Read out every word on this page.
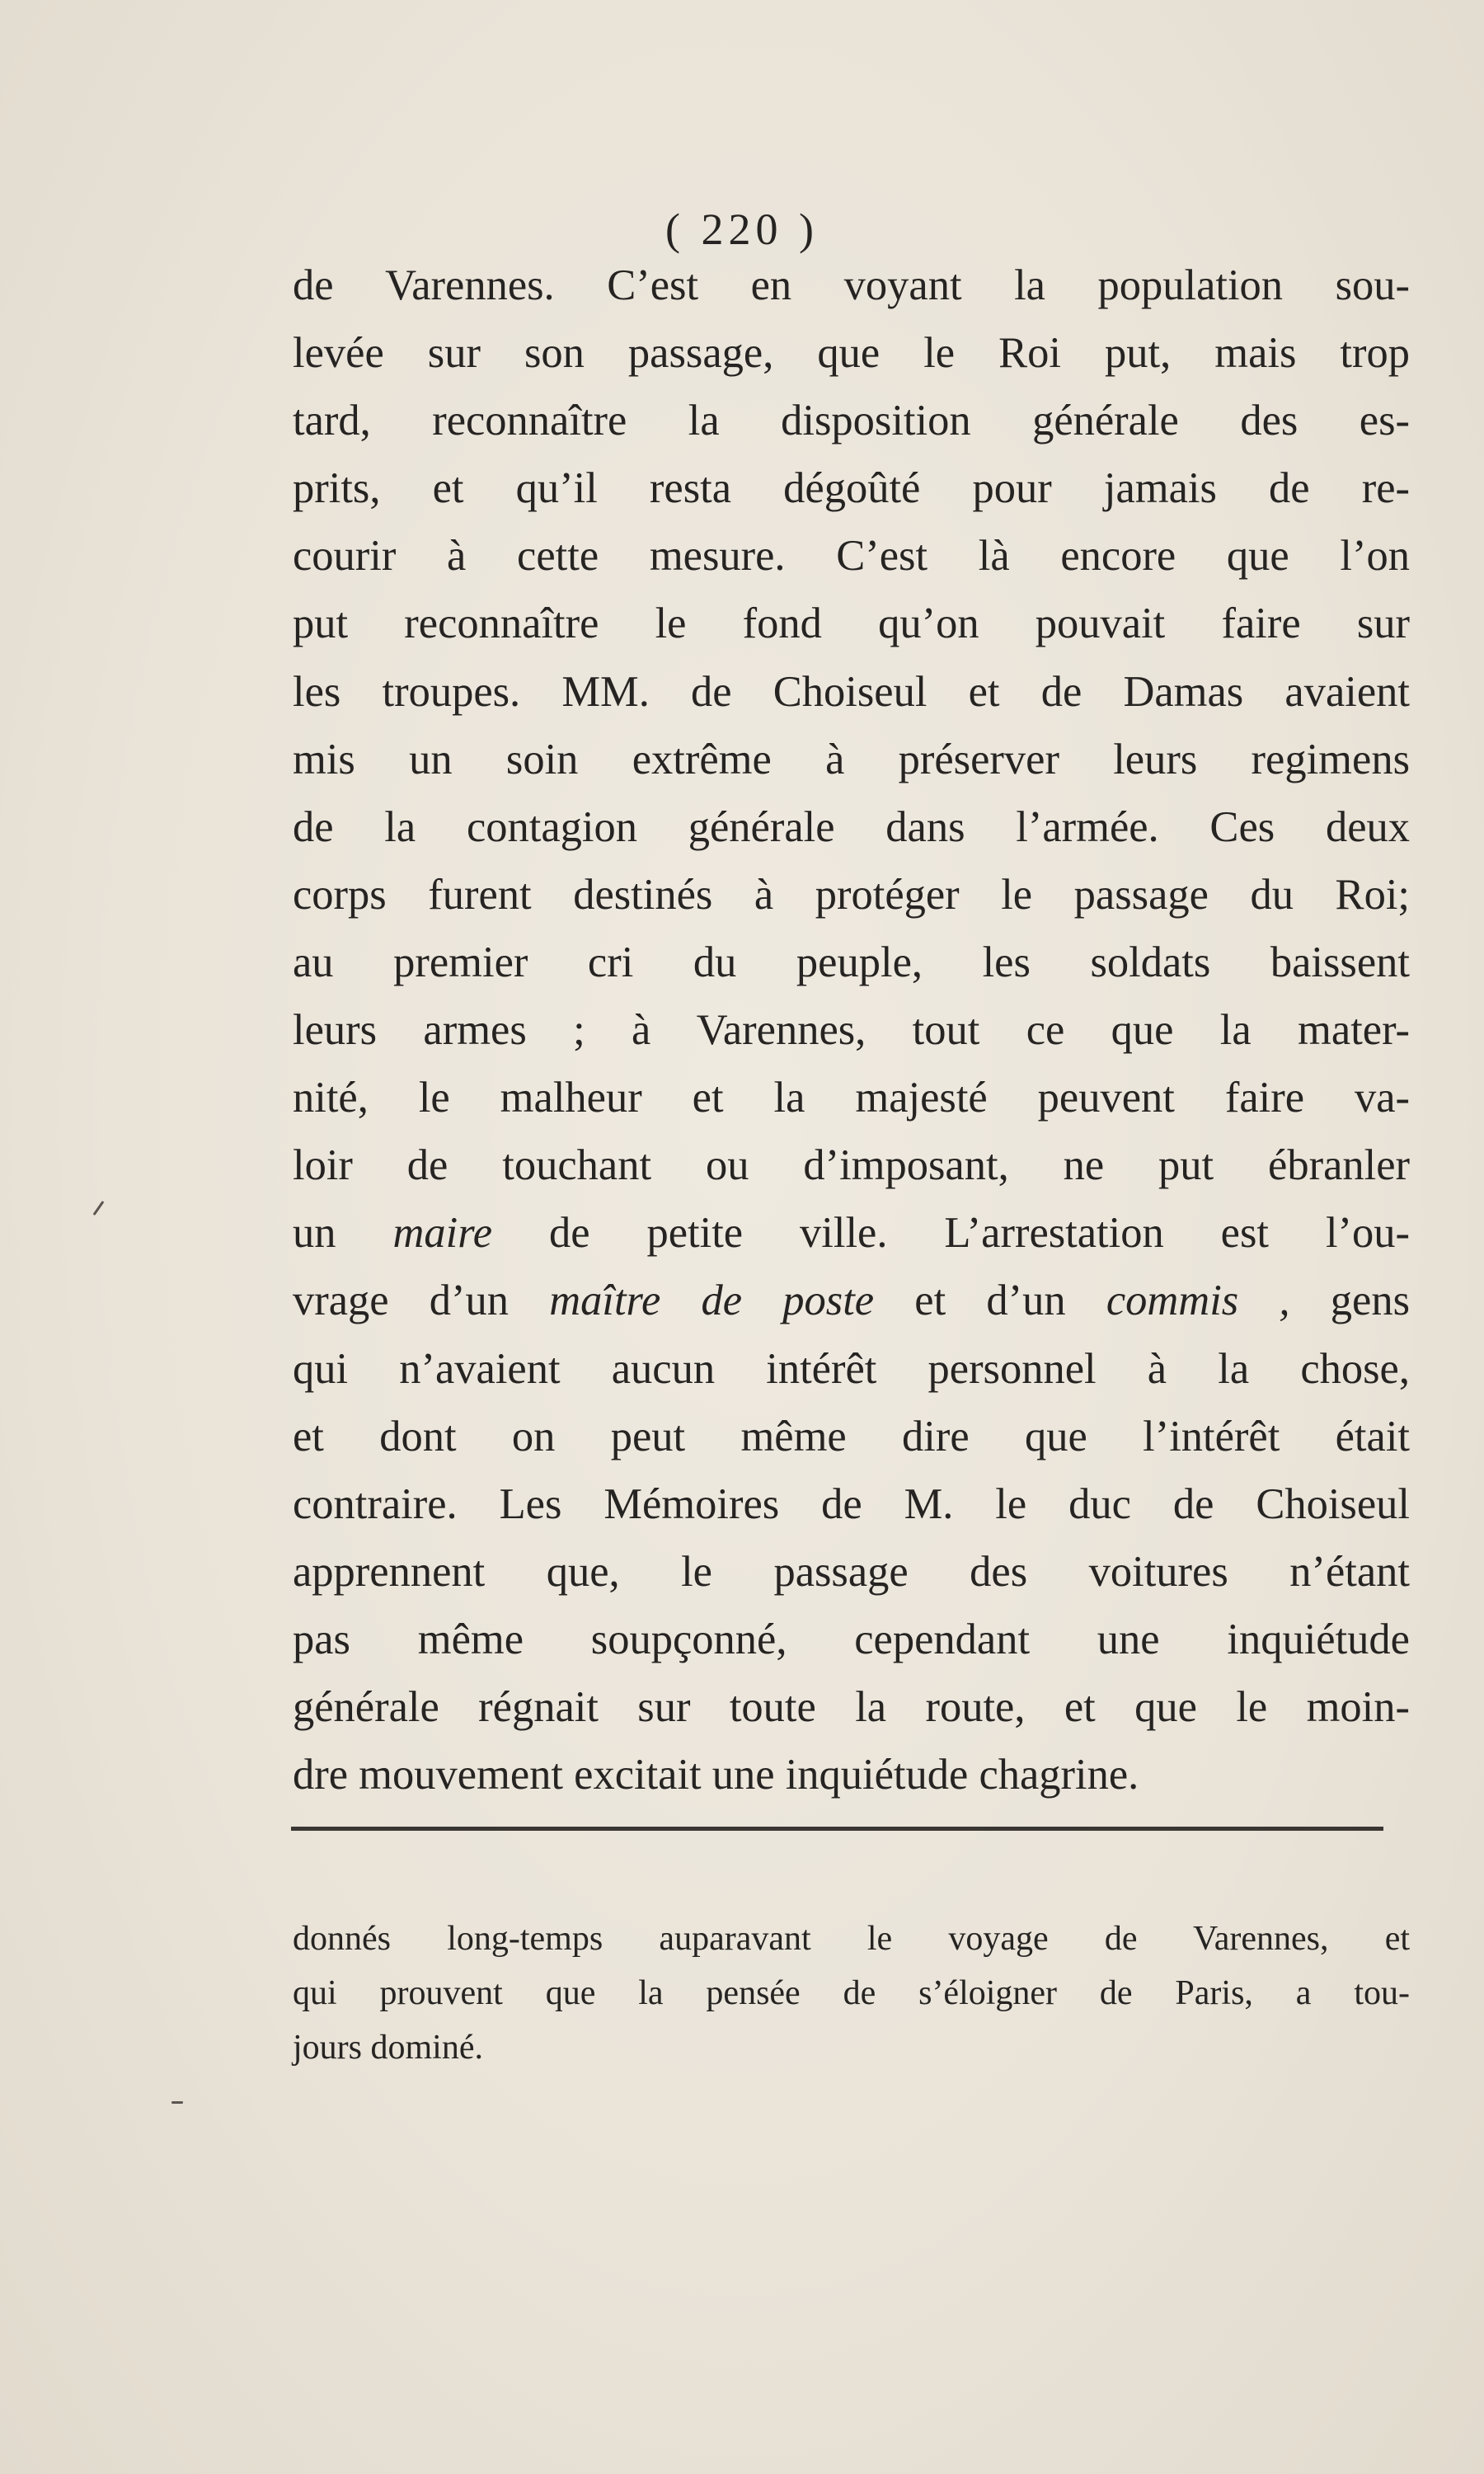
( 220 )
de Varennes. C’est en voyant la population sou-
levée sur son passage, que le Roi put, mais trop
tard, reconnaître la disposition générale des es-
prits, et qu’il resta dégoûté pour jamais de re-
courir à cette mesure. C’est là encore que l’on
put reconnaître le fond qu’on pouvait faire sur
les troupes. MM. de Choiseul et de Damas avaient
mis un soin extrême à préserver leurs regimens
de la contagion générale dans l’armée. Ces deux
corps furent destinés à protéger le passage du Roi;
au premier cri du peuple, les soldats baissent
leurs armes ; à Varennes, tout ce que la mater-
nité, le malheur et la majesté peuvent faire va-
loir de touchant ou d’imposant, ne put ébranler
un maire de petite ville. L’arrestation est l’ou-
vrage d’un maître de poste et d’un commis , gens
qui n’avaient aucun intérêt personnel à la chose,
et dont on peut même dire que l’intérêt était
contraire. Les Mémoires de M. le duc de Choiseul
apprennent que, le passage des voitures n’étant
pas même soupçonné, cependant une inquiétude
générale régnait sur toute la route, et que le moin-
dre mouvement excitait une inquiétude chagrine.
donnés long-temps auparavant le voyage de Varennes, et
qui prouvent que la pensée de s’éloigner de Paris, a tou-
jours dominé.
